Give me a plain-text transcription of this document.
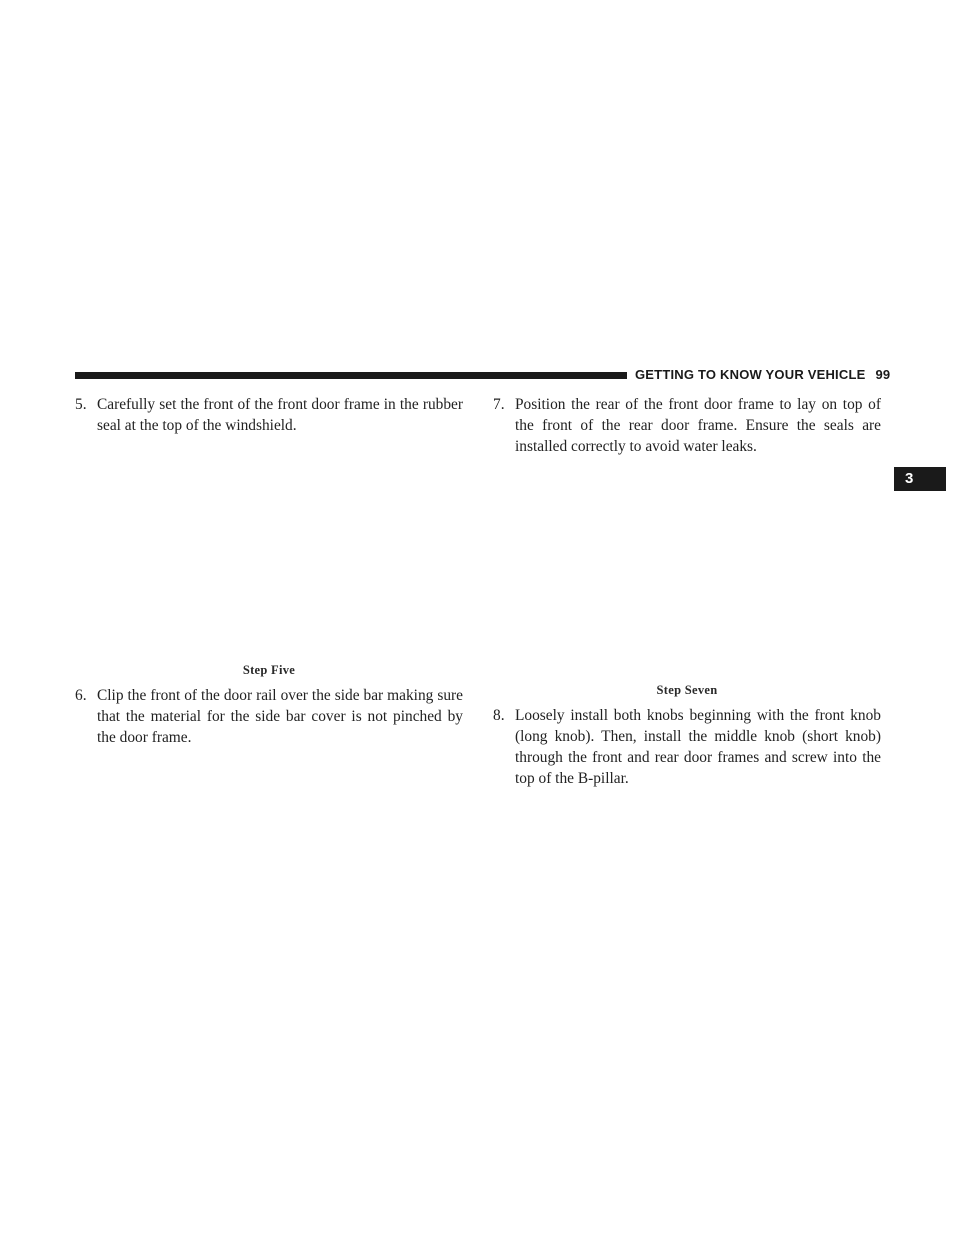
GETTING TO KNOW YOUR VEHICLE 99
3
5. Carefully set the front of the front door frame in the rubber seal at the top of the windshield.
Step Five
6. Clip the front of the door rail over the side bar making sure that the material for the side bar cover is not pinched by the door frame.
7. Position the rear of the front door frame to lay on top of the front of the rear door frame. Ensure the seals are installed correctly to avoid water leaks.
Step Seven
8. Loosely install both knobs beginning with the front knob (long knob). Then, install the middle knob (short knob) through the front and rear door frames and screw into the top of the B-pillar.
